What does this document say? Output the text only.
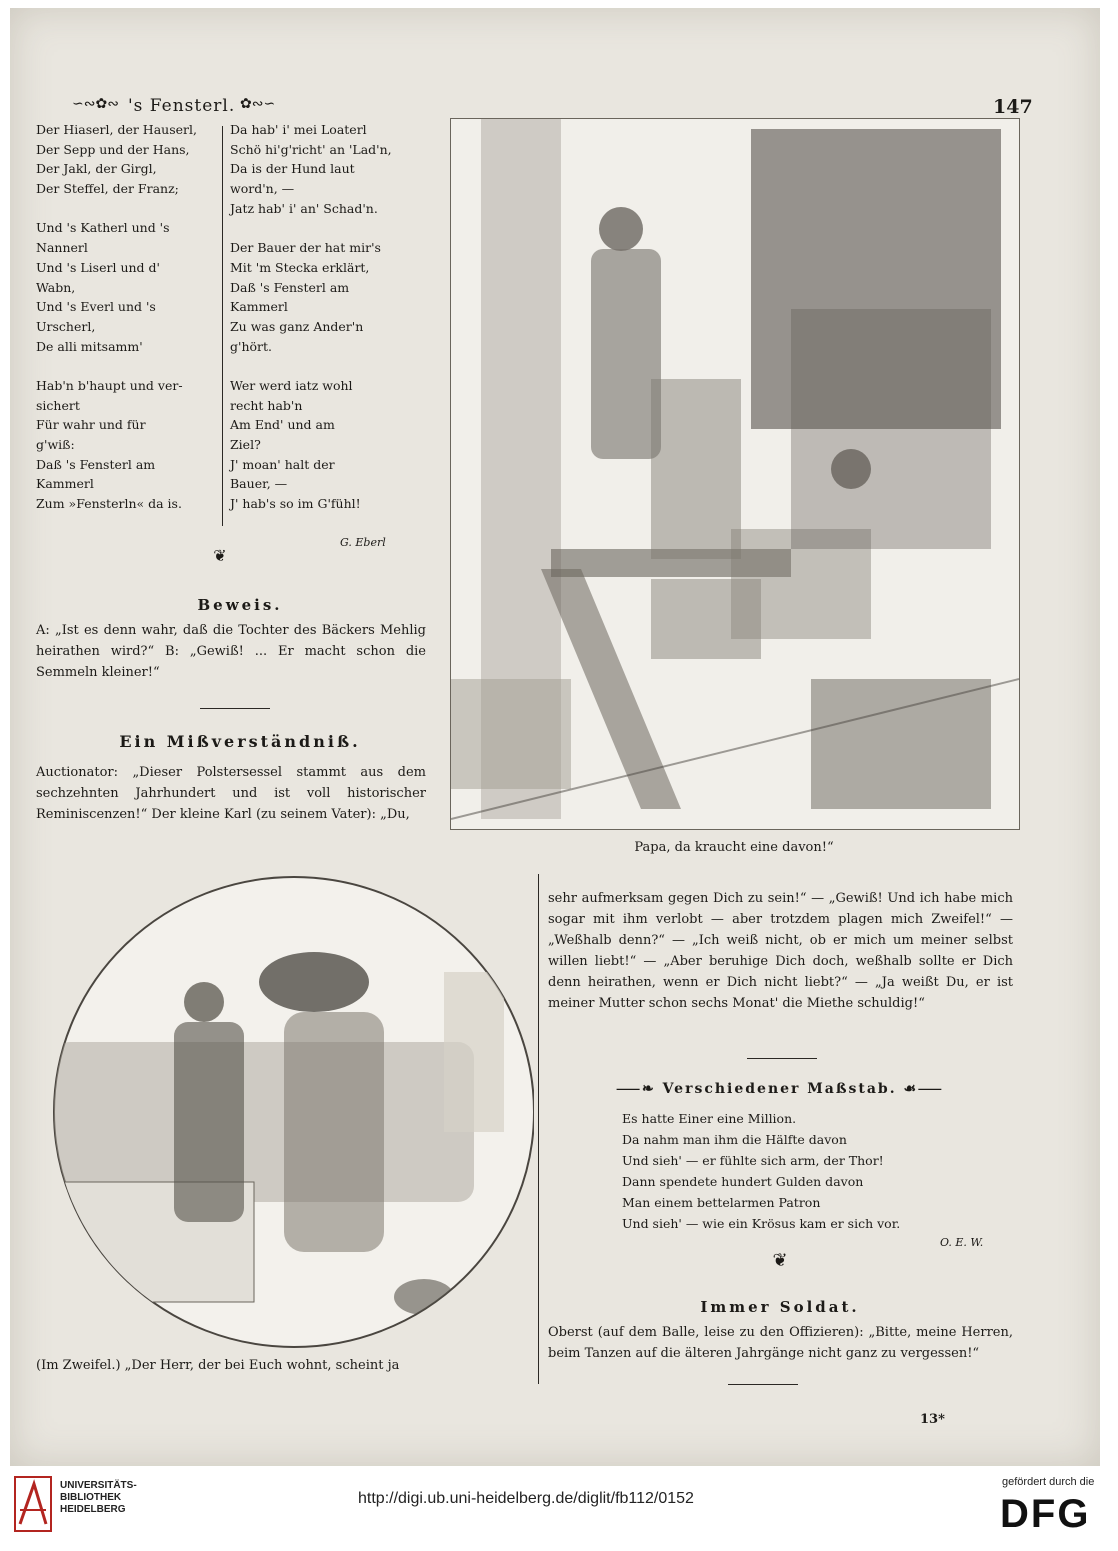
∽∾✿∾ 's Fensterl. ✿∾∽	147
Der Hiaserl, der Hauserl,
Der Sepp und der Hans,
Der Jakl, der Girgl,
Der Steffel, der Franz;
Und 's Katherl und 's
Nannerl
Und 's Liserl und d'
Wabn,
Und 's Everl und 's
Urscherl,
De alli mitsamm'
Hab'n b'haupt und ver-
sichert
Für wahr und für
g'wiß:
Daß 's Fensterl am
Kammerl
Zum »Fensterln« da is.
Da hab' i' mei Loaterl
Schö hi'g'richt' an 'Lad'n,
Da is der Hund laut
word'n, —
Jatz hab' i' an' Schad'n.
Der Bauer der hat mir's
Mit 'm Stecka erklärt,
Daß 's Fensterl am
Kammerl
Zu was ganz Ander'n
g'hört.
Wer werd iatz wohl
recht hab'n
Am End' und am
Ziel?
J' moan' halt der
Bauer, —
J' hab's so im G'fühl!
G. Eberl
❦
Beweis.
A: „Ist es denn wahr, daß die Tochter des Bäckers Mehlig heirathen wird?“ B: „Gewiß! ... Er macht schon die Semmeln kleiner!“
Ein Mißverständniß.
Auctionator: „Dieser Polstersessel stammt aus dem sechzehnten Jahrhundert und ist voll historischer Reminiscenzen!“ Der kleine Karl (zu seinem Vater): „Du,
Papa, da kraucht eine davon!“
(Im Zweifel.) „Der Herr, der bei Euch wohnt, scheint ja
sehr aufmerksam gegen Dich zu sein!“ — „Gewiß! Und ich habe mich sogar mit ihm verlobt — aber trotzdem plagen mich Zweifel!“ — „Weßhalb denn?“ — „Ich weiß nicht, ob er mich um meiner selbst willen liebt!“ — „Aber beruhige Dich doch, weßhalb sollte er Dich denn heirathen, wenn er Dich nicht liebt?“ — „Ja weißt Du, er ist meiner Mutter schon sechs Monat' die Miethe schuldig!“
⸺❧ Verschiedener Maßstab. ☙⸺
Es hatte Einer eine Million.
Da nahm man ihm die Hälfte davon
Und sieh' — er fühlte sich arm, der Thor!
Dann spendete hundert Gulden davon
Man einem bettelarmen Patron
Und sieh' — wie ein Krösus kam er sich vor.
O. E. W.
❦
Immer Soldat.
Oberst (auf dem Balle, leise zu den Offizieren): „Bitte, meine Herren, beim Tanzen auf die älteren Jahrgänge nicht ganz zu vergessen!“
13*
UNIVERSITÄTS-
BIBLIOTHEK
HEIDELBERG
http://digi.ub.uni-heidelberg.de/diglit/fb112/0152
gefördert durch die
DFG
